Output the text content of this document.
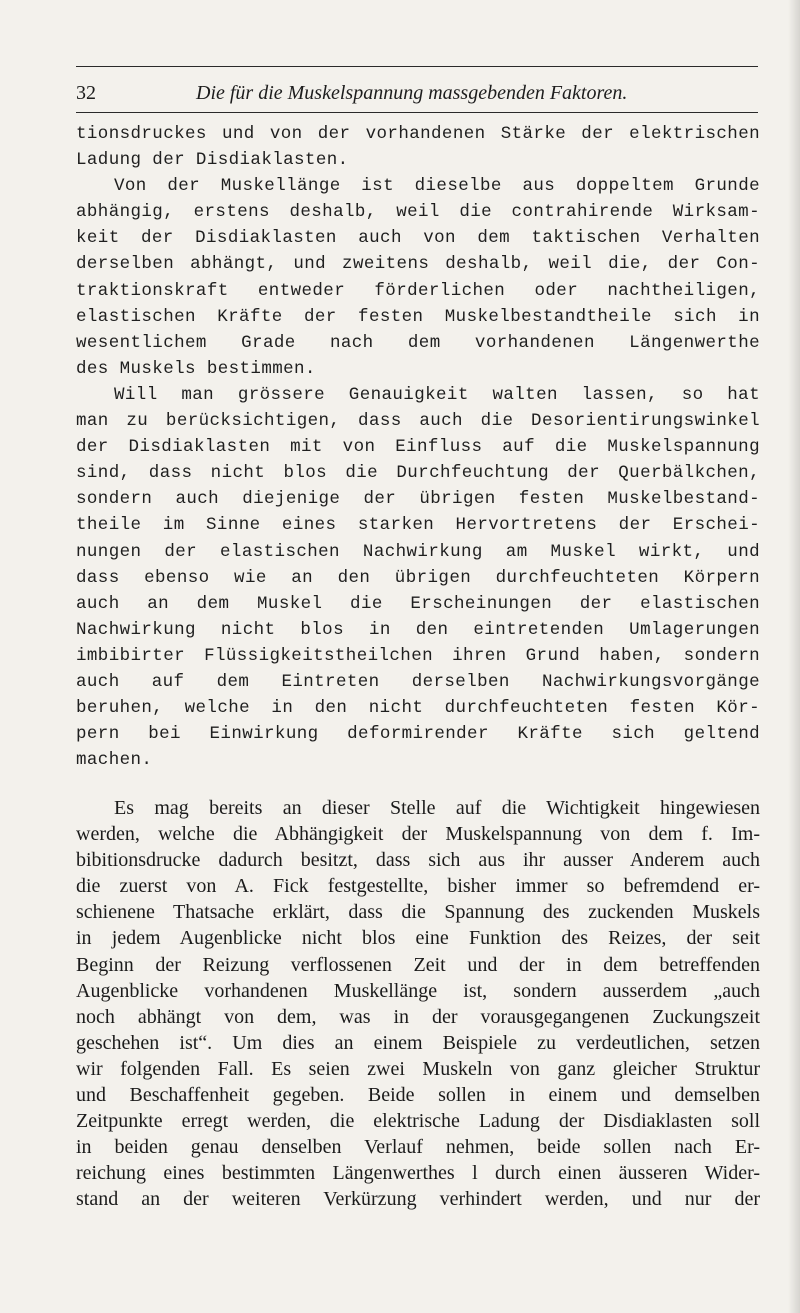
32	Die für die Muskelspannung massgebenden Faktoren.
tionsdruckes und von der vorhandenen Stärke der elektrischen
Ladung der Disdiaklasten.
Von der Muskellänge ist dieselbe aus doppeltem Grunde
abhängig, erstens deshalb, weil die contrahirende Wirksam-
keit der Disdiaklasten auch von dem taktischen Verhalten
derselben abhängt, und zweitens deshalb, weil die, der Con-
traktionskraft entweder förderlichen oder nachtheiligen,
elastischen Kräfte der festen Muskelbestandtheile sich in
wesentlichem Grade nach dem vorhandenen Längenwerthe
des Muskels bestimmen.
Will man grössere Genauigkeit walten lassen, so hat
man zu berücksichtigen, dass auch die Desorientirungswinkel
der Disdiaklasten mit von Einfluss auf die Muskelspannung
sind, dass nicht blos die Durchfeuchtung der Querbälkchen,
sondern auch diejenige der übrigen festen Muskelbestand-
theile im Sinne eines starken Hervortretens der Erschei-
nungen der elastischen Nachwirkung am Muskel wirkt, und
dass ebenso wie an den übrigen durchfeuchteten Körpern
auch an dem Muskel die Erscheinungen der elastischen
Nachwirkung nicht blos in den eintretenden Umlagerungen
imbibirter Flüssigkeitstheilchen ihren Grund haben, sondern
auch auf dem Eintreten derselben Nachwirkungsvorgänge
beruhen, welche in den nicht durchfeuchteten festen Kör-
pern bei Einwirkung deformirender Kräfte sich geltend
machen.
Es mag bereits an dieser Stelle auf die Wichtigkeit hingewiesen
werden, welche die Abhängigkeit der Muskelspannung von dem f. Im-
bibitionsdrucke dadurch besitzt, dass sich aus ihr ausser Anderem auch
die zuerst von A. Fick festgestellte, bisher immer so befremdend er-
schienene Thatsache erklärt, dass die Spannung des zuckenden Muskels
in jedem Augenblicke nicht blos eine Funktion des Reizes, der seit
Beginn der Reizung verflossenen Zeit und der in dem betreffenden
Augenblicke vorhandenen Muskellänge ist, sondern ausserdem „auch
noch abhängt von dem, was in der vorausgegangenen Zuckungszeit
geschehen ist“. Um dies an einem Beispiele zu verdeutlichen, setzen
wir folgenden Fall. Es seien zwei Muskeln von ganz gleicher Struktur
und Beschaffenheit gegeben. Beide sollen in einem und demselben
Zeitpunkte erregt werden, die elektrische Ladung der Disdiaklasten soll
in beiden genau denselben Verlauf nehmen, beide sollen nach Er-
reichung eines bestimmten Längenwerthes l durch einen äusseren Wider-
stand an der weiteren Verkürzung verhindert werden, und nur der
